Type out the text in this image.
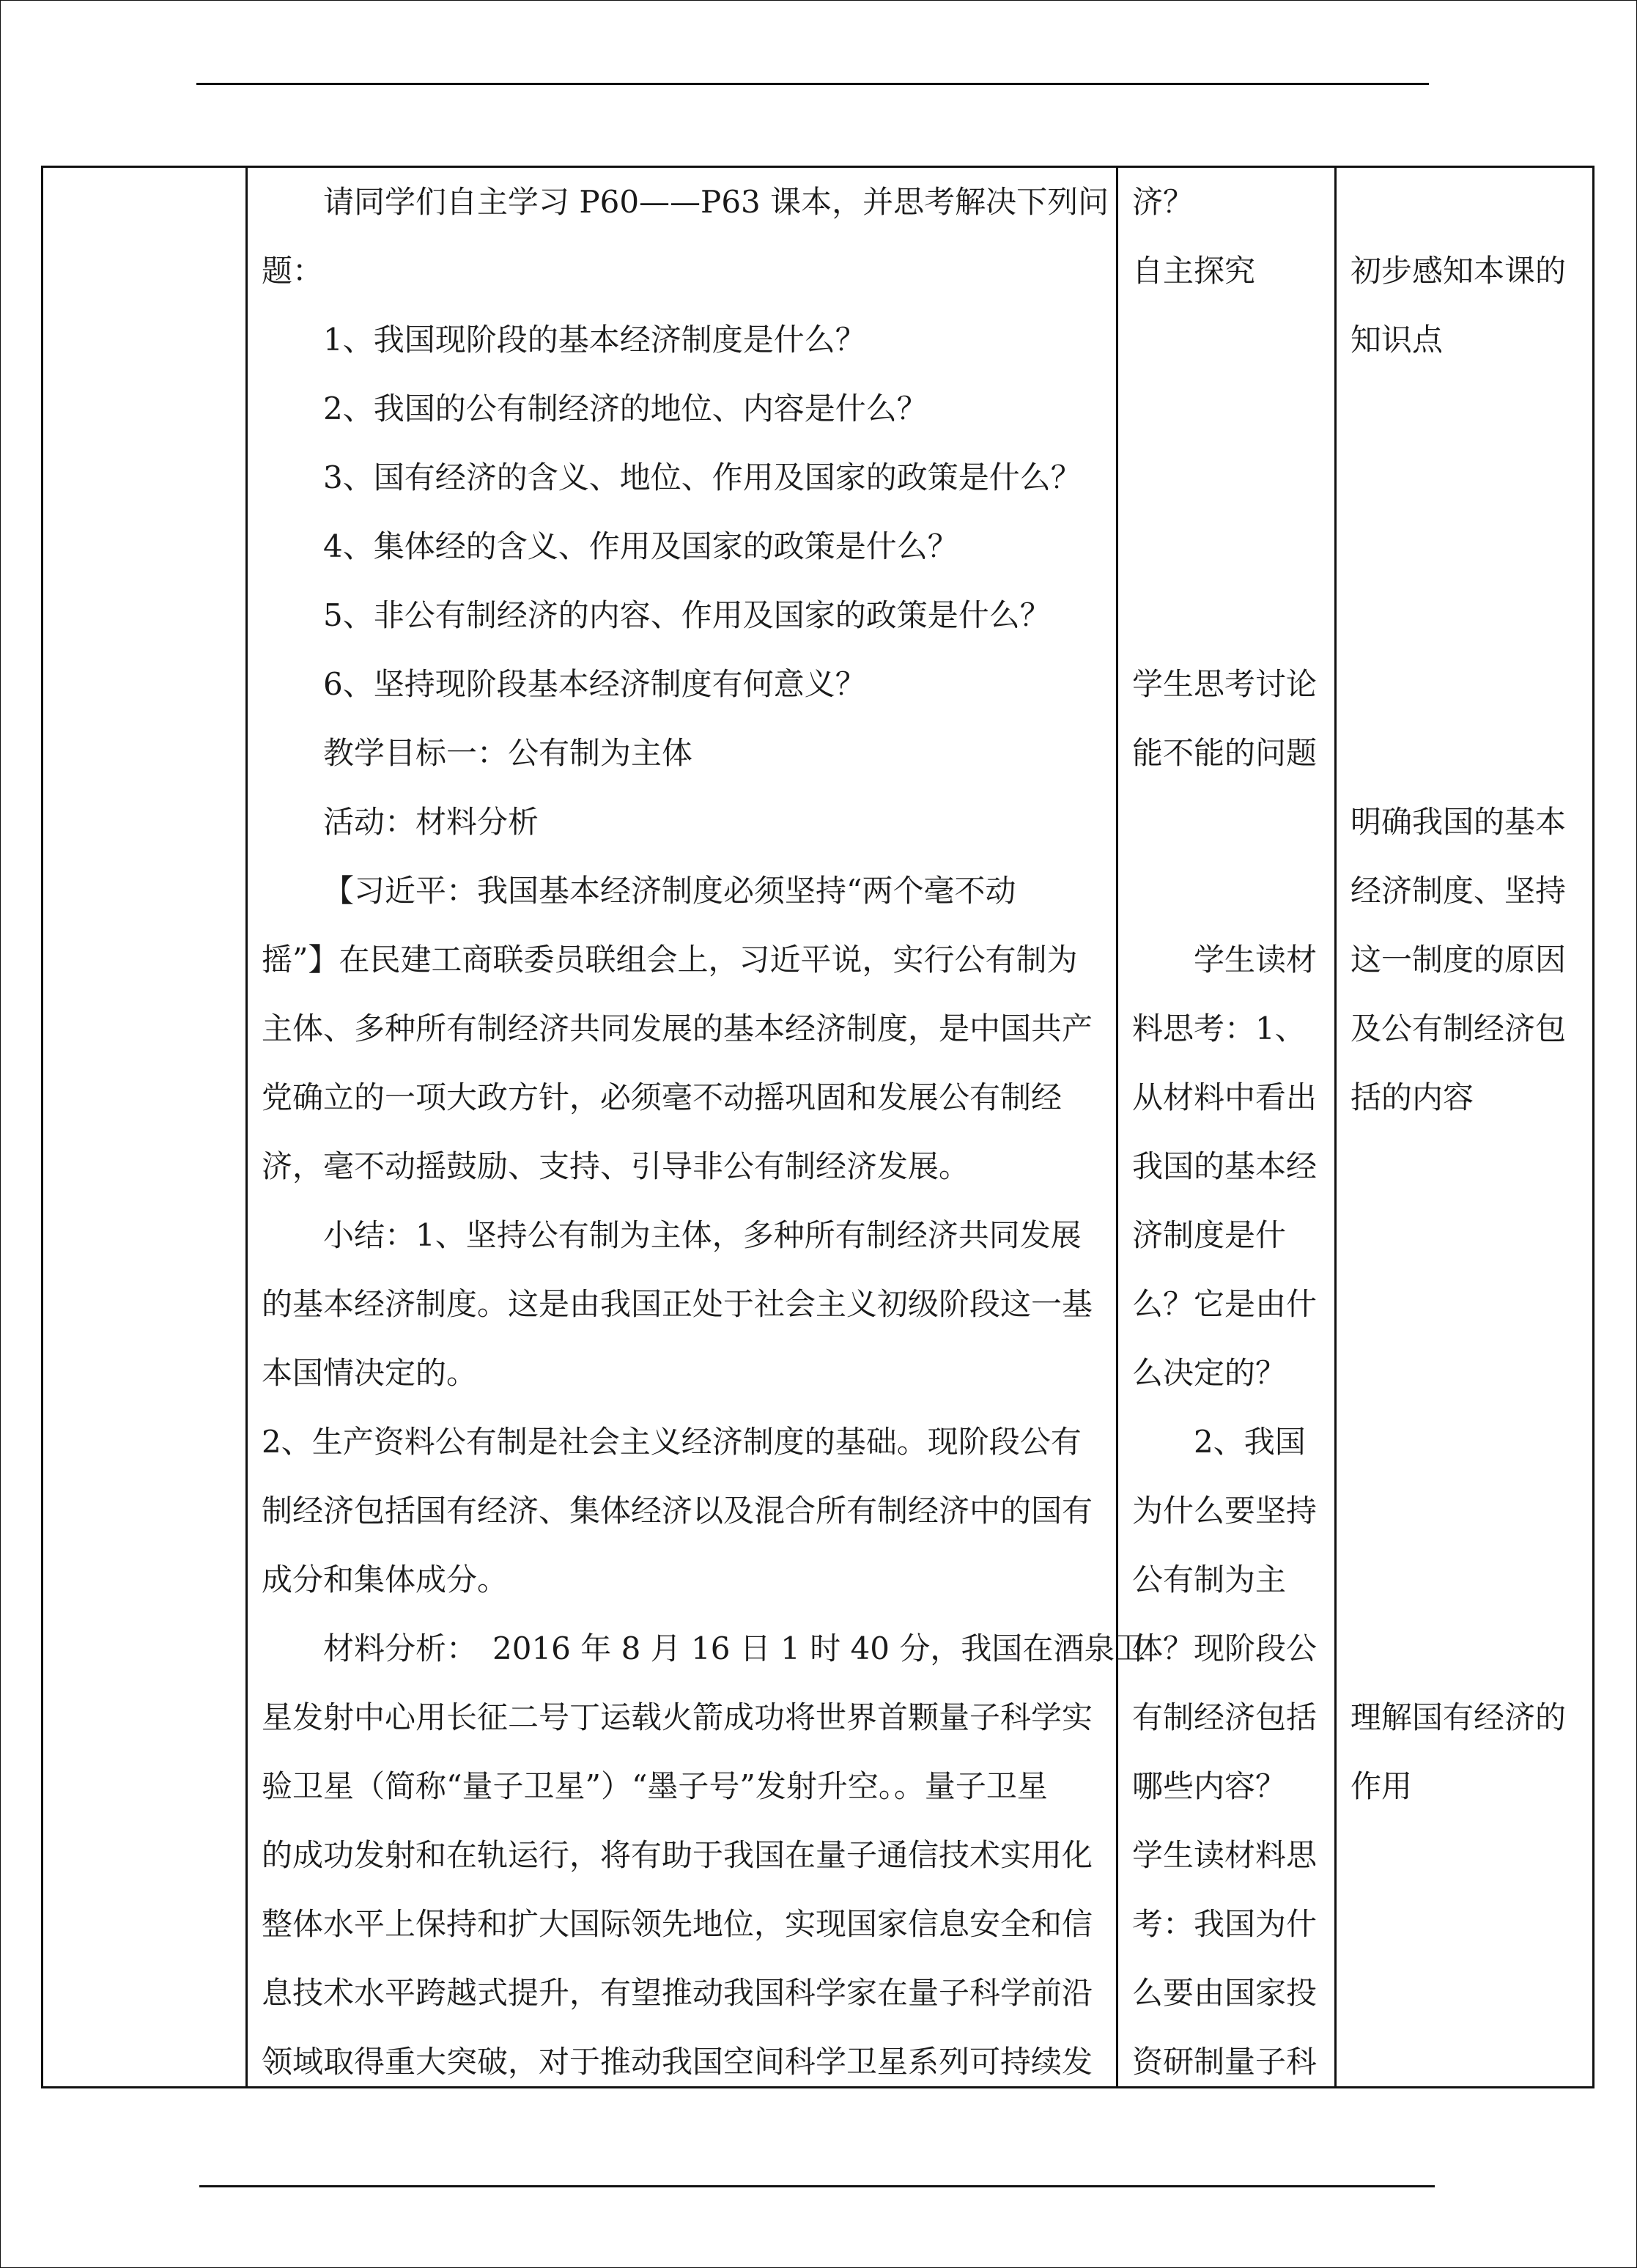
请同学们自主学习 P60——P63 课本，并思考解决下列问
题：
1、我国现阶段的基本经济制度是什么？
2、我国的公有制经济的地位、内容是什么？
3、国有经济的含义、地位、作用及国家的政策是什么？
4、集体经的含义、作用及国家的政策是什么？
5、非公有制经济的内容、作用及国家的政策是什么？
6、坚持现阶段基本经济制度有何意义？
教学目标一：公有制为主体
活动：材料分析
【习近平：我国基本经济制度必须坚持“两个毫不动
摇”】在民建工商联委员联组会上，习近平说，实行公有制为
主体、多种所有制经济共同发展的基本经济制度，是中国共产
党确立的一项大政方针，必须毫不动摇巩固和发展公有制经
济，毫不动摇鼓励、支持、引导非公有制经济发展。
小结：1、坚持公有制为主体，多种所有制经济共同发展
的基本经济制度。这是由我国正处于社会主义初级阶段这一基
本国情决定的。
2、生产资料公有制是社会主义经济制度的基础。现阶段公有
制经济包括国有经济、集体经济以及混合所有制经济中的国有
成分和集体成分。
材料分析：　2016 年 8 月 16 日 1 时 40 分，我国在酒泉卫
星发射中心用长征二号丁运载火箭成功将世界首颗量子科学实
验卫星（简称“量子卫星”）“墨子号”发射升空。。量子卫星
的成功发射和在轨运行，将有助于我国在量子通信技术实用化
整体水平上保持和扩大国际领先地位，实现国家信息安全和信
息技术水平跨越式提升，有望推动我国科学家在量子科学前沿
领域取得重大突破，对于推动我国空间科学卫星系列可持续发
济？
自主探究
学生思考讨论
能不能的问题
学生读材
料思考：1、
从材料中看出
我国的基本经
济制度是什
么？它是由什
么决定的？
2、我国
为什么要坚持
公有制为主
体？现阶段公
有制经济包括
哪些内容？
学生读材料思
考：我国为什
么要由国家投
资研制量子科
初步感知本课的
知识点
明确我国的基本
经济制度、坚持
这一制度的原因
及公有制经济包
括的内容
理解国有经济的
作用
